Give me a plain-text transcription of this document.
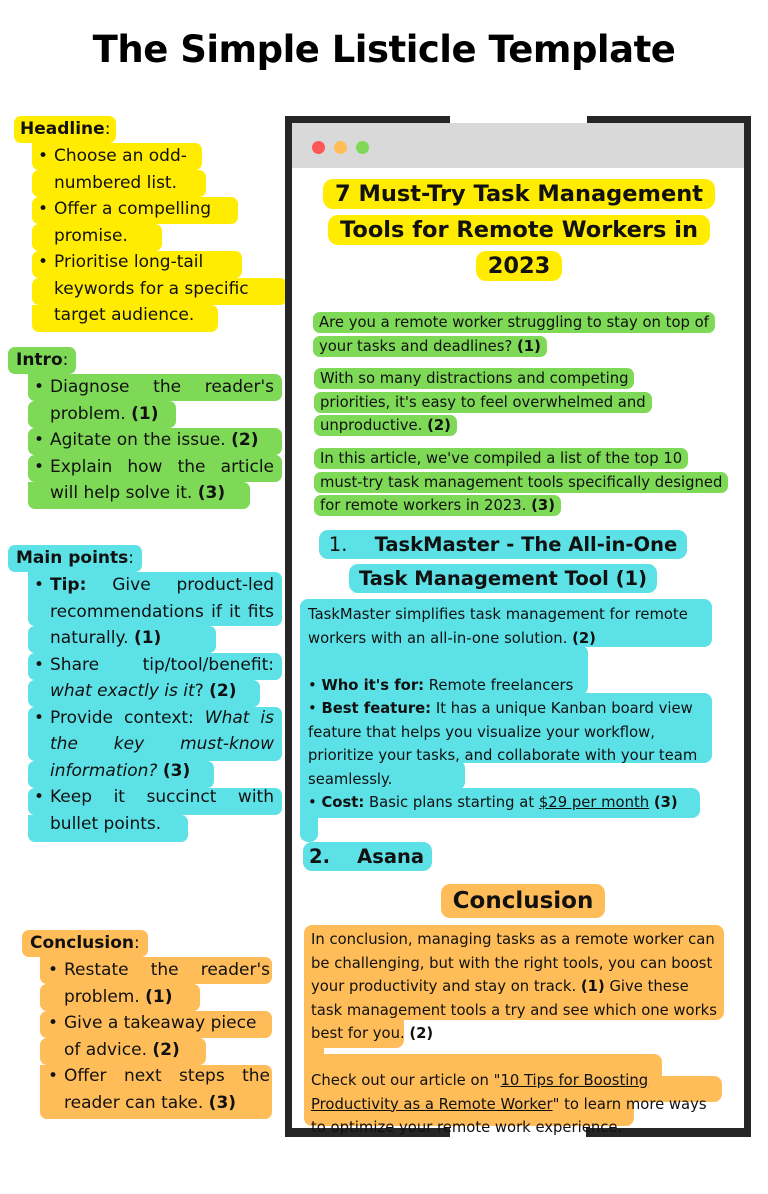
The Simple Listicle Template
Headline:
• Choose an odd-numbered list.
• Offer a compelling promise.
• Prioritise long-tail keywords for a specific target audience.
Intro:
• Diagnose the reader's problem. (1)
• Agitate on the issue. (2)
• Explain how the article will help solve it. (3)
Main points:
• Tip: Give product-led recommendations if it fits naturally. (1)
• Share tip/tool/benefit: what exactly is it? (2)
• Provide context: What is the key must-know information? (3)
• Keep it succinct with bullet points.
Conclusion:
• Restate the reader's problem. (1)
• Give a takeaway piece of advice. (2)
• Offer next steps the reader can take. (3)
7 Must-Try Task Management Tools for Remote Workers in 2023
Are you a remote worker struggling to stay on top of your tasks and deadlines? (1)
With so many distractions and competing priorities, it's easy to feel overwhelmed and unproductive. (2)
In this article, we've compiled a list of the top 10 must-try task management tools specifically designed for remote workers in 2023. (3)
1. TaskMaster - The All-in-One Task Management Tool (1)
TaskMaster simplifies task management for remote workers with an all-in-one solution. (2)
• Who it's for: Remote freelancers
• Best feature: It has a unique Kanban board view feature that helps you visualize your workflow, prioritize your tasks, and collaborate with your team seamlessly.
• Cost: Basic plans starting at $29 per month (3)
2. Asana
Conclusion
In conclusion, managing tasks as a remote worker can be challenging, but with the right tools, you can boost your productivity and stay on track. (1) Give these task management tools a try and see which one works best for you. (2)
Check out our article on "10 Tips for Boosting Productivity as a Remote Worker" to learn more ways to optimize your remote work experience.
